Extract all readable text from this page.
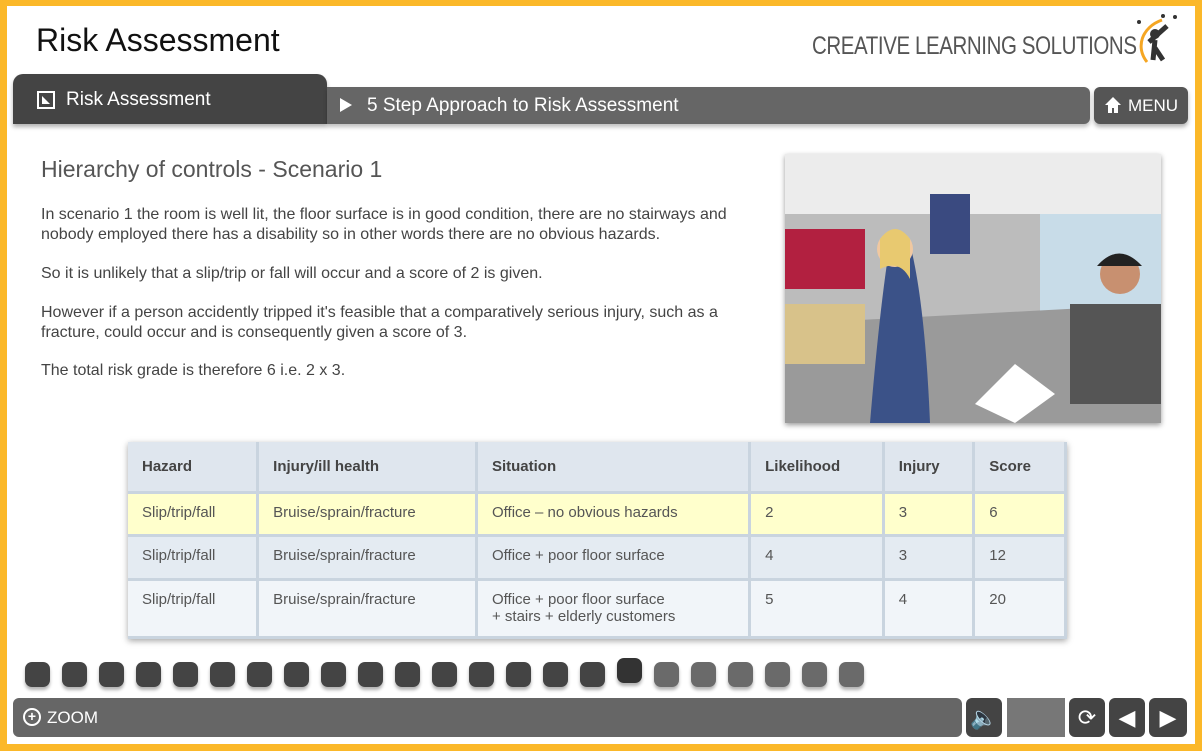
Risk Assessment	CREATIVE LEARNING SOLUTIONS
Risk Assessment	5 Step Approach to Risk Assessment	MENU
Hierarchy of controls - Scenario 1

In scenario 1 the room is well lit, the floor surface is in good condition, there are no stairways and nobody employed there has a disability so in other words there are no obvious hazards.

So it is unlikely that a slip/trip or fall will occur and a score of 2 is given.

However if a person accidently tripped it's feasible that a comparatively serious injury, such as a fracture, could occur and is consequently given a score of 3.

The total risk grade is therefore 6 i.e. 2 x 3.

Hazard	Injury/ill health	Situation	Likelihood	Injury	Score
Slip/trip/fall	Bruise/sprain/fracture	Office – no obvious hazards	2	3	6
Slip/trip/fall	Bruise/sprain/fracture	Office + poor floor surface	4	3	12
Slip/trip/fall	Bruise/sprain/fracture	Office + poor floor surface
+ stairs + elderly customers	5	4	20
+ ZOOM	🔈	⟳	◀	▶
